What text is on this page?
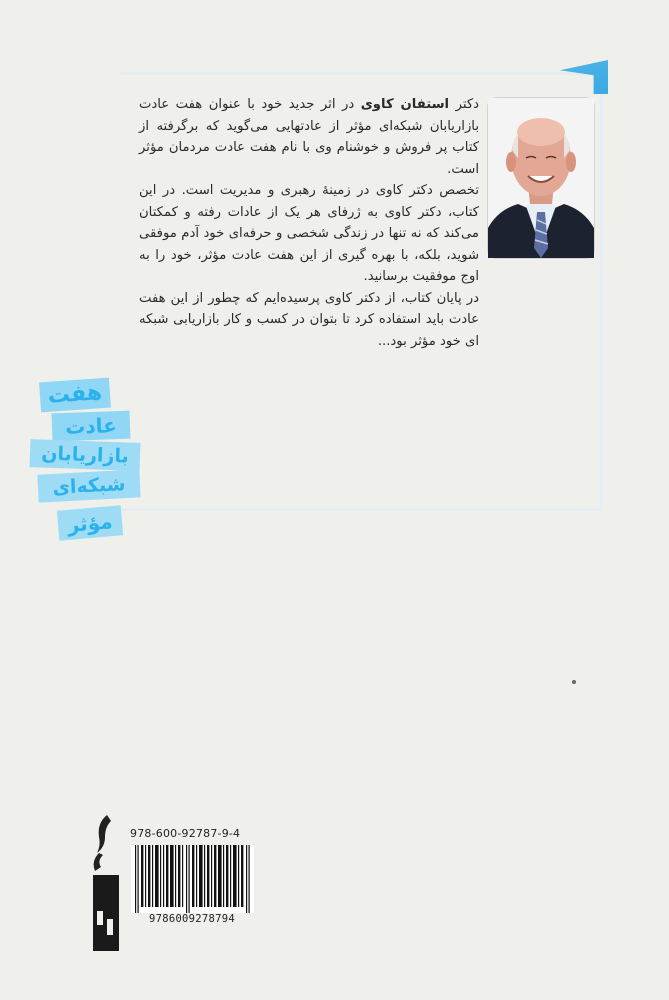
دکتر استفان کاوی در اثر جدید خود با عنوان هفت عادت بازاریابان شبکه‌ای مؤثر از عادتهایی می‌گوید که برگرفته از کتاب پر فروش و خوشنام وی با نام هفت عادت مردمان مؤثر است.

تخصص دکتر کاوی در زمینهٔ رهبری و مدیریت است. در این کتاب، دکتر کاوی به ژرفای هر یک از عادات رفته و کمکتان می‌کند که نه تنها در زندگی شخصی و حرفه‌ای خود آدم موفقی شوید، بلکه، با بهره گیری از این هفت عادت مؤثر، خود را به اوج موفقیت برسانید.

در پایان کتاب، از دکتر کاوی پرسیده‌ایم که چطور از این هفت عادت باید استفاده کرد تا بتوان در کسب و کار بازاریابی شبکه ای خود مؤثر بود...

هفت
عادت
بازاریابان
شبکه‌ای
مؤثر
دنیای
978-600-92787-9-4
9786009278794
